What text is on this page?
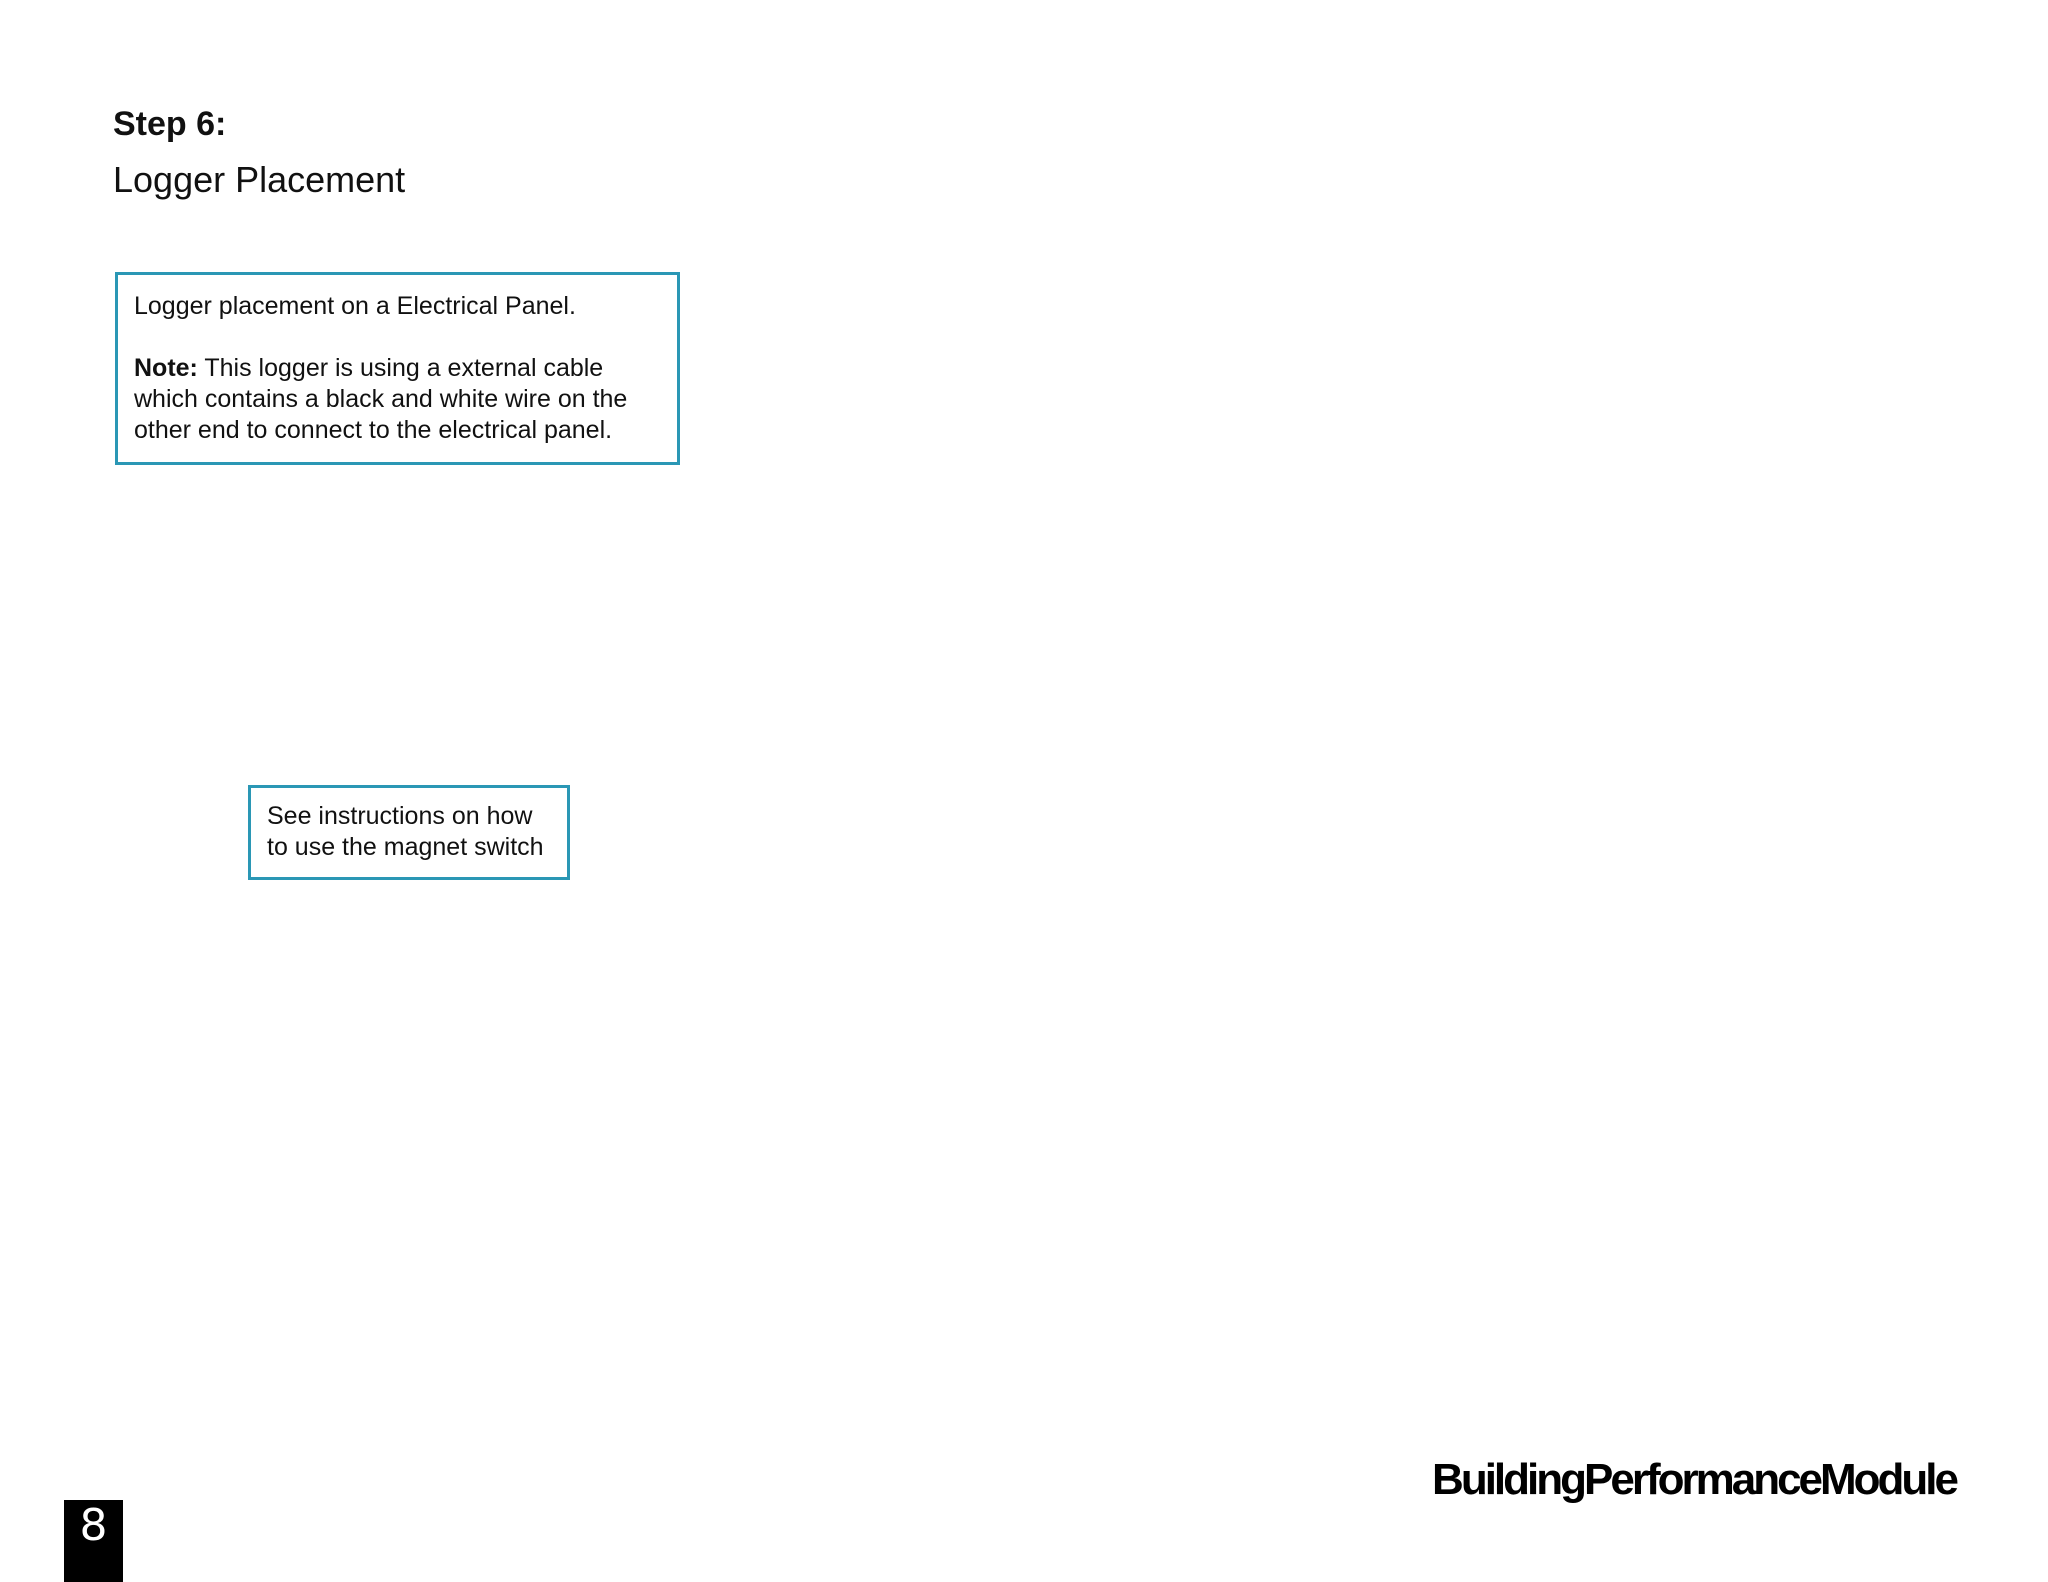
Step 6:
Logger Placement

Logger placement on a Electrical Panel.

Note: This logger is using a external cable

which contains a black and white wire on the

other end to connect to the electrical panel.

See instructions on how

to use the magnet switch

8
BuildingPerformanceModule
